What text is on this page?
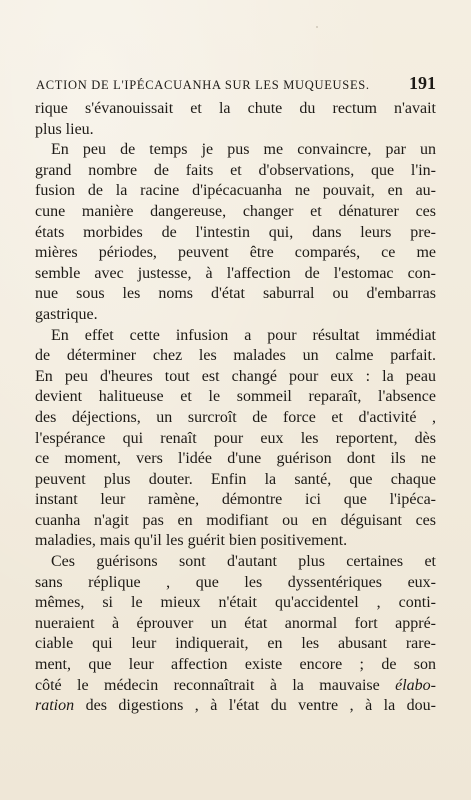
ACTION DE L'IPÉCACUANHA SUR LES MUQUEUSES. 191
rique s'évanouissait et la chute du rectum n'avait
plus lieu.
En peu de temps je pus me convaincre, par un
grand nombre de faits et d'observations, que l'in-
fusion de la racine d'ipécacuanha ne pouvait, en au-
cune manière dangereuse, changer et dénaturer ces
états morbides de l'intestin qui, dans leurs pre-
mières périodes, peuvent être comparés, ce me
semble avec justesse, à l'affection de l'estomac con-
nue sous les noms d'état saburral ou d'embarras
gastrique.
En effet cette infusion a pour résultat immédiat
de déterminer chez les malades un calme parfait.
En peu d'heures tout est changé pour eux : la peau
devient halitueuse et le sommeil reparaît, l'absence
des déjections, un surcroît de force et d'activité ,
l'espérance qui renaît pour eux les reportent, dès
ce moment, vers l'idée d'une guérison dont ils ne
peuvent plus douter. Enfin la santé, que chaque
instant leur ramène, démontre ici que l'ipéca-
cuanha n'agit pas en modifiant ou en déguisant ces
maladies, mais qu'il les guérit bien positivement.
Ces guérisons sont d'autant plus certaines et
sans réplique , que les dyssentériques eux-
mêmes, si le mieux n'était qu'accidentel , conti-
nueraient à éprouver un état anormal fort appré-
ciable qui leur indiquerait, en les abusant rare-
ment, que leur affection existe encore ; de son
côté le médecin reconnaîtrait à la mauvaise élabo-
ration des digestions , à l'état du ventre , à la dou-
